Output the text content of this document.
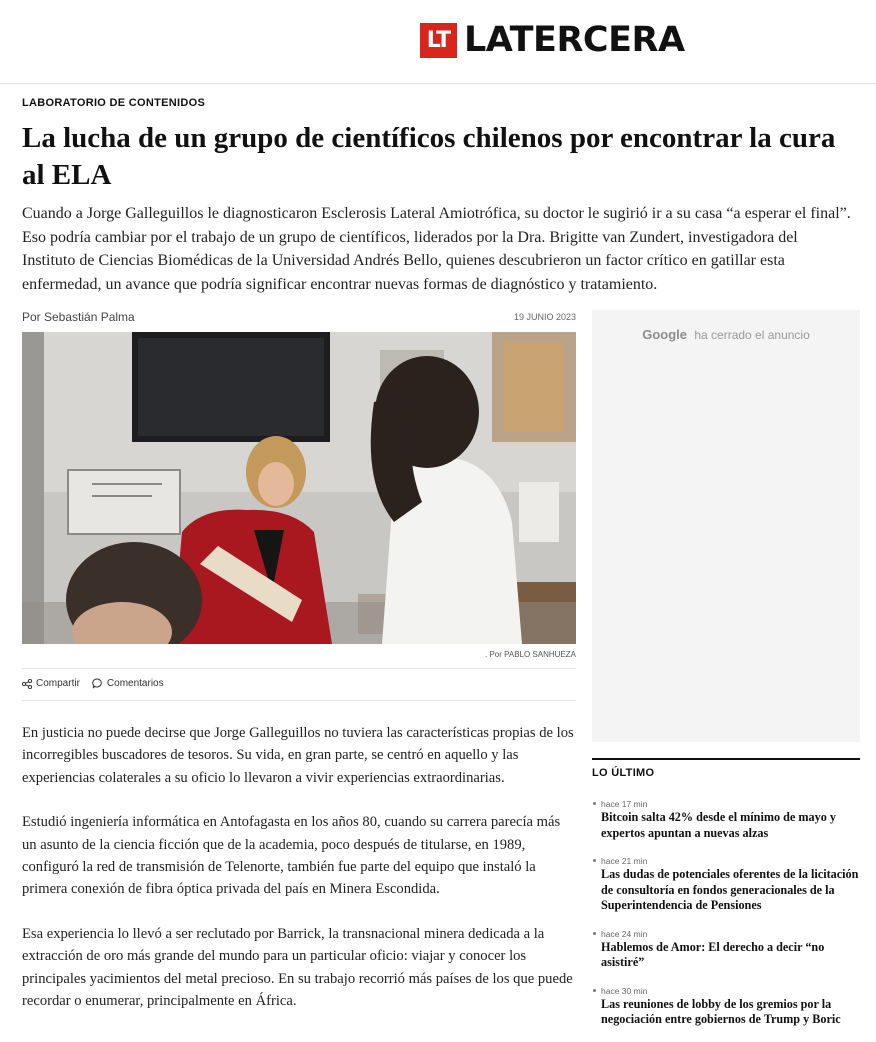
LT LATERCERA
LABORATORIO DE CONTENIDOS
La lucha de un grupo de científicos chilenos por encontrar la cura al ELA

Cuando a Jorge Galleguillos le diagnosticaron Esclerosis Lateral Amiotrófica, su doctor le sugirió ir a su casa “a esperar el final”. Eso podría cambiar por el trabajo de un grupo de científicos, liderados por la Dra. Brigitte van Zundert, investigadora del Instituto de Ciencias Biomédicas de la Universidad Andrés Bello, quienes descubrieron un factor crítico en gatillar esta enfermedad, un avance que podría significar encontrar nuevas formas de diagnóstico y tratamiento.

Por Sebastián Palma	19 JUNIO 2023
. Por PABLO SANHUEZA
Compartir	Comentarios

En justicia no puede decirse que Jorge Galleguillos no tuviera las características propias de los incorregibles buscadores de tesoros. Su vida, en gran parte, se centró en aquello y las experiencias colaterales a su oficio lo llevaron a vivir experiencias extraordinarias.

Estudió ingeniería informática en Antofagasta en los años 80, cuando su carrera parecía más un asunto de la ciencia ficción que de la academia, poco después de titularse, en 1989, configuró la red de transmisión de Telenorte, también fue parte del equipo que instaló la primera conexión de fibra óptica privada del país en Minera Escondida.

Esa experiencia lo llevó a ser reclutado por Barrick, la transnacional minera dedicada a la extracción de oro más grande del mundo para un particular oficio: viajar y conocer los principales yacimientos del metal precioso. En su trabajo recorrió más países de los que puede recordar o enumerar, principalmente en África.

Google ha cerrado el anuncio
LO ÚLTIMO
hace 17 min
Bitcoin salta 42% desde el mínimo de mayo y expertos apuntan a nuevas alzas
hace 21 min
Las dudas de potenciales oferentes de la licitación de consultoría en fondos generacionales de la Superintendencia de Pensiones
hace 24 min
Hablemos de Amor: El derecho a decir “no asistiré”
hace 30 min
Las reuniones de lobby de los gremios por la negociación entre gobiernos de Trump y Boric
